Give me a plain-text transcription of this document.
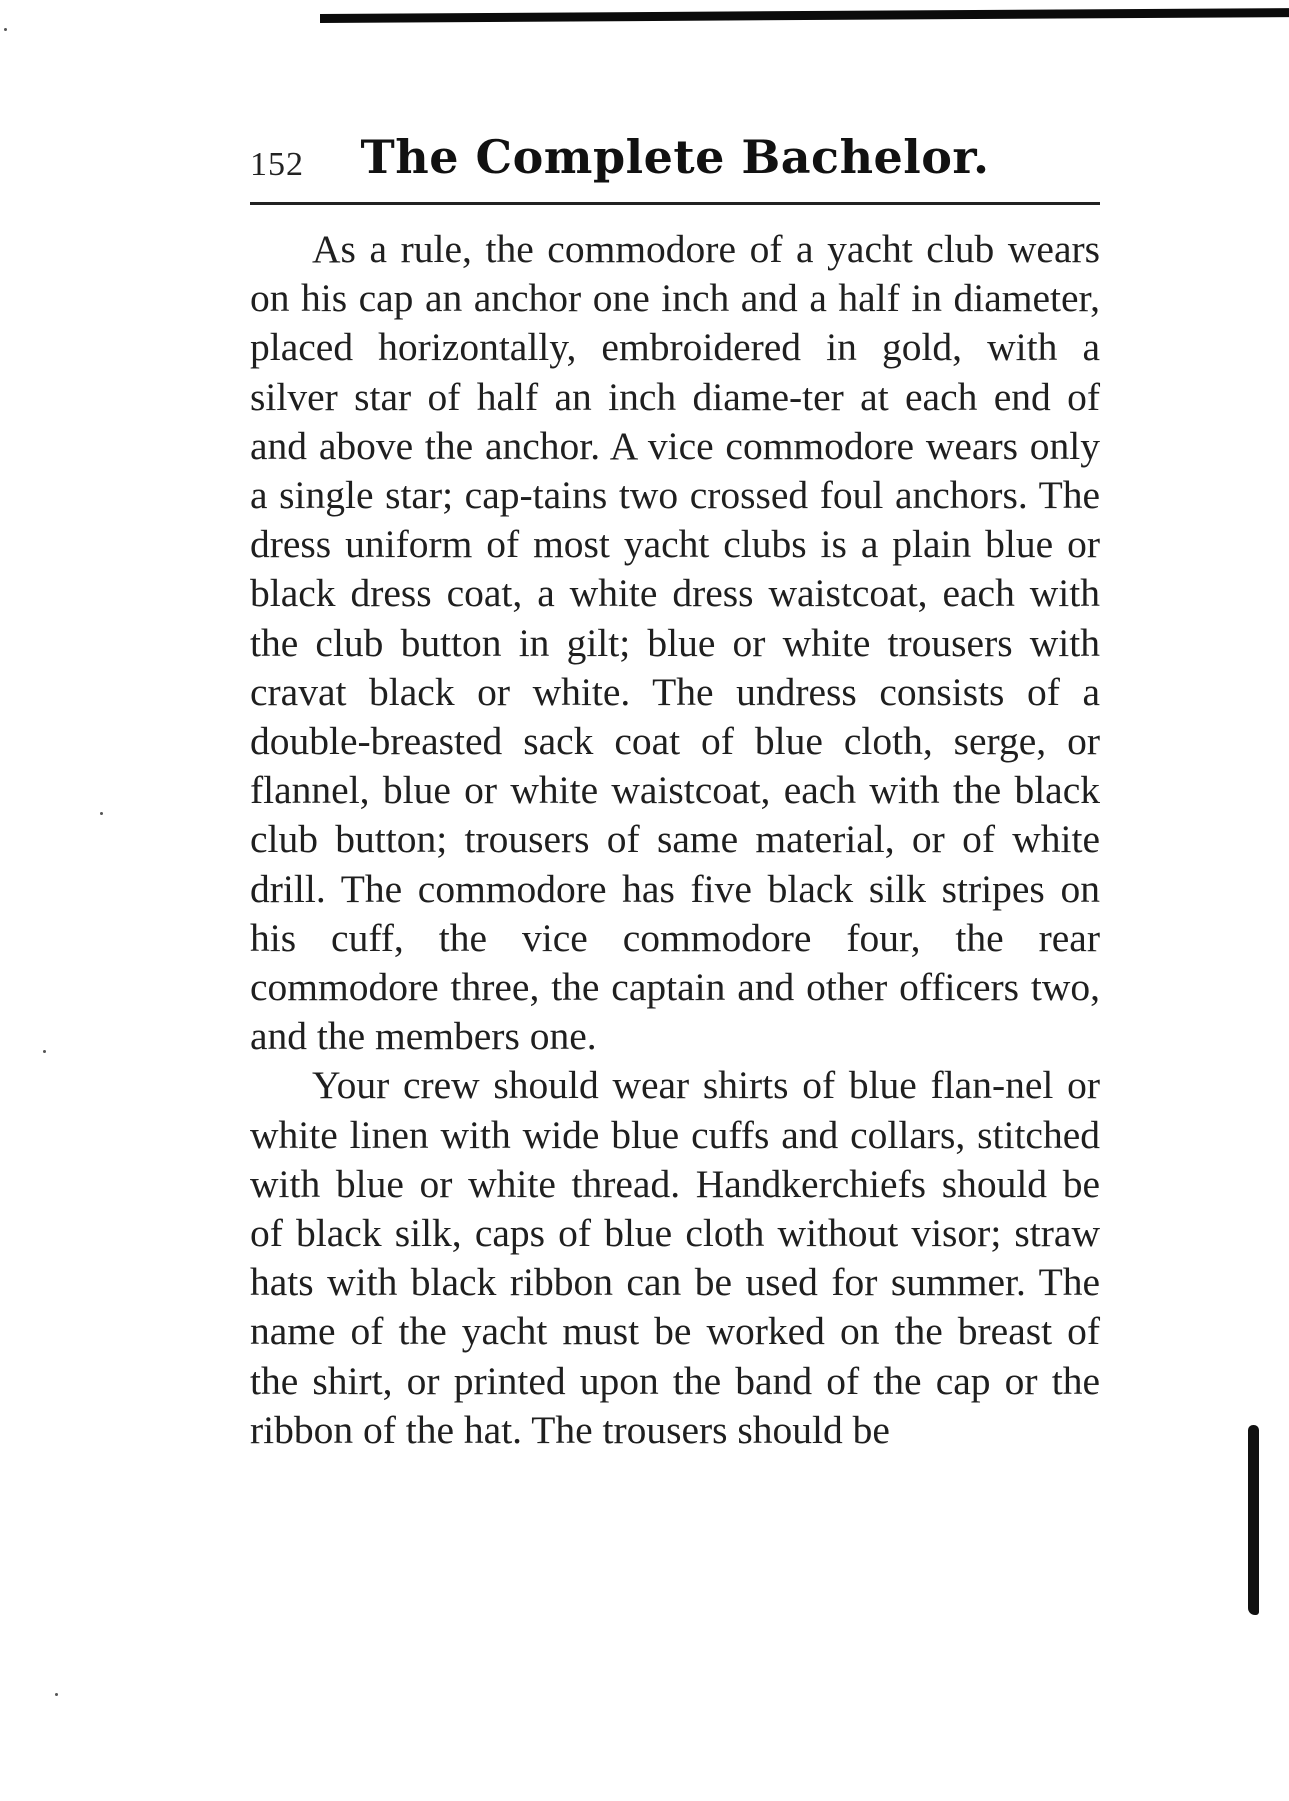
152	The Complete Bachelor.

As a rule, the commodore of a yacht club wears on his cap an anchor one inch and a half in diameter, placed horizontally, embroidered in gold, with a silver star of half an inch diame-ter at each end of and above the anchor. A vice commodore wears only a single star; cap-tains two crossed foul anchors. The dress uniform of most yacht clubs is a plain blue or black dress coat, a white dress waistcoat, each with the club button in gilt; blue or white trousers with cravat black or white. The undress consists of a double-breasted sack coat of blue cloth, serge, or flannel, blue or white waistcoat, each with the black club button; trousers of same material, or of white drill. The commodore has five black silk stripes on his cuff, the vice commodore four, the rear commodore three, the captain and other officers two, and the members one.

Your crew should wear shirts of blue flan-nel or white linen with wide blue cuffs and collars, stitched with blue or white thread. Handkerchiefs should be of black silk, caps of blue cloth without visor; straw hats with black ribbon can be used for summer. The name of the yacht must be worked on the breast of the shirt, or printed upon the band of the cap or the ribbon of the hat. The trousers should be
